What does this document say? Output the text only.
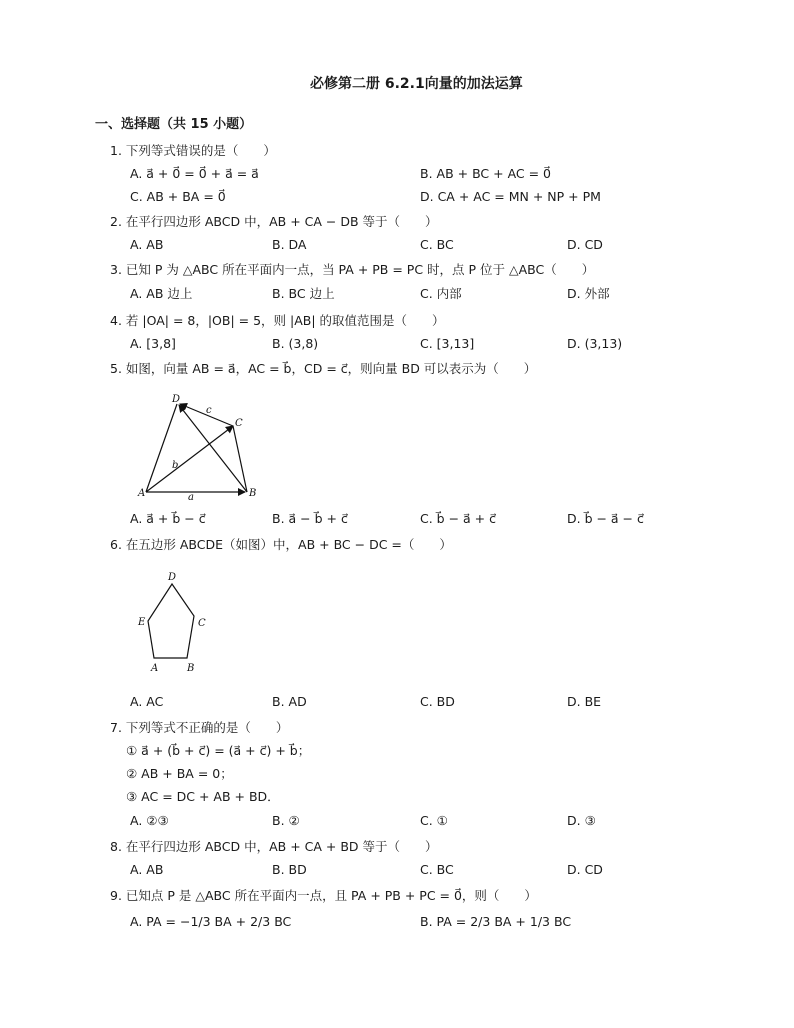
必修第二册 6.2.1向量的加法运算
一、选择题（共 15 小题）
1. 下列等式错误的是（　　）
A. a⃗ + 0⃗ = 0⃗ + a⃗ = a⃗	B. AB + BC + AC = 0⃗
C. AB + BA = 0⃗	D. CA + AC = MN + NP + PM
2. 在平行四边形 ABCD 中，AB + CA − DB 等于（　　）
A. AB	B. DA	C. BC	D. CD
3. 已知 P 为 △ABC 所在平面内一点，当 PA + PB = PC 时，点 P 位于 △ABC（　　）
A. AB 边上	B. BC 边上	C. 内部	D. 外部
4. 若 |OA| = 8，|OB| = 5，则 |AB| 的取值范围是（　　）
A. [3,8]	B. (3,8)	C. [3,13]	D. (3,13)
5. 如图，向量 AB = a⃗，AC = b⃗，CD = c⃗，则向量 BD 可以表示为（　　）
A	B
C
D
a
b
c
A. a⃗ + b⃗ − c⃗	B. a⃗ − b⃗ + c⃗	C. b⃗ − a⃗ + c⃗	D. b⃗ − a⃗ − c⃗
6. 在五边形 ABCDE（如图）中，AB + BC − DC =（　　）
D
C
B
A
E
A. AC	B. AD	C. BD	D. BE
7. 下列等式不正确的是（　　）
① a⃗ + (b⃗ + c⃗) = (a⃗ + c⃗) + b⃗；
② AB + BA = 0；
③ AC = DC + AB + BD．
A. ②③	B. ②	C. ①	D. ③
8. 在平行四边形 ABCD 中，AB + CA + BD 等于（　　）
A. AB	B. BD	C. BC	D. CD
9. 已知点 P 是 △ABC 所在平面内一点，且 PA + PB + PC = 0⃗，则（　　）
A. PA = −1/3 BA + 2/3 BC	B. PA = 2/3 BA + 1/3 BC
